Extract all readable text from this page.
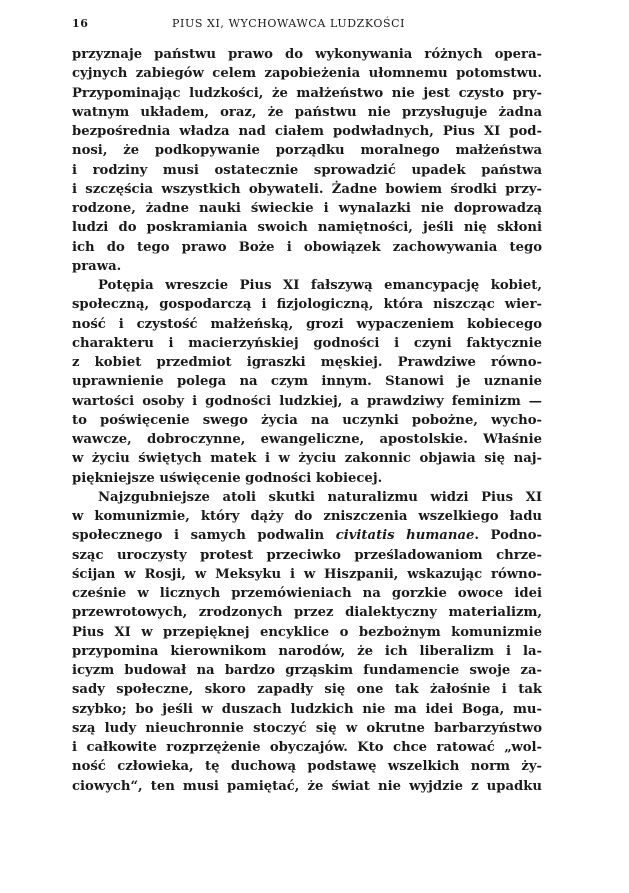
16	PIUS XI, WYCHOWAWCA LUDZKOŚCI
przyznaje państwu prawo do wykonywania różnych opera-
cyjnych zabiegów celem zapobieżenia ułomnemu potomstwu.
Przypominając ludzkości, że małżeństwo nie jest czysto pry-
watnym układem, oraz, że państwu nie przysługuje żadna
bezpośrednia władza nad ciałem podwładnych, Pius XI pod-
nosi, że podkopywanie porządku moralnego małżeństwa
i rodziny musi ostatecznie sprowadzić upadek państwa
i szczęścia wszystkich obywateli. Żadne bowiem środki przy-
rodzone, żadne nauki świeckie i wynalazki nie doprowadzą
ludzi do poskramiania swoich namiętności, jeśli nię skłoni
ich do tego prawo Boże i obowiązek zachowywania tego
prawa.
Potępia wreszcie Pius XI fałszywą emancypację kobiet,
społeczną, gospodarczą i fizjologiczną, która niszcząc wier-
ność i czystość małżeńską, grozi wypaczeniem kobiecego
charakteru i macierzyńskiej godności i czyni faktycznie
z kobiet przedmiot igraszki męskiej. Prawdziwe równo-
uprawnienie polega na czym innym. Stanowi je uznanie
wartości osoby i godności ludzkiej, a prawdziwy feminizm —
to poświęcenie swego życia na uczynki pobożne, wycho-
wawcze, dobroczynne, ewangeliczne, apostolskie. Właśnie
w życiu świętych matek i w życiu zakonnic objawia się naj-
piękniejsze uświęcenie godności kobiecej.
Najzgubniejsze atoli skutki naturalizmu widzi Pius XI
w komunizmie, który dąży do zniszczenia wszelkiego ładu
społecznego i samych podwalin civitatis humanae. Podno-
sząc uroczysty protest przeciwko prześladowaniom chrze-
ścijan w Rosji, w Meksyku i w Hiszpanii, wskazując równo-
cześnie w licznych przemówieniach na gorzkie owoce idei
przewrotowych, zrodzonych przez dialektyczny materializm,
Pius XI w przepięknej encyklice o bezbożnym komunizmie
przypomina kierownikom narodów, że ich liberalizm i la-
icyzm budował na bardzo grząskim fundamencie swoje za-
sady społeczne, skoro zapadły się one tak żałośnie i tak
szybko; bo jeśli w duszach ludzkich nie ma idei Boga, mu-
szą ludy nieuchronnie stoczyć się w okrutne barbarzyństwo
i całkowite rozprzężenie obyczajów. Kto chce ratować „wol-
ność człowieka, tę duchową podstawę wszelkich norm ży-
ciowych“, ten musi pamiętać, że świat nie wyjdzie z upadku
